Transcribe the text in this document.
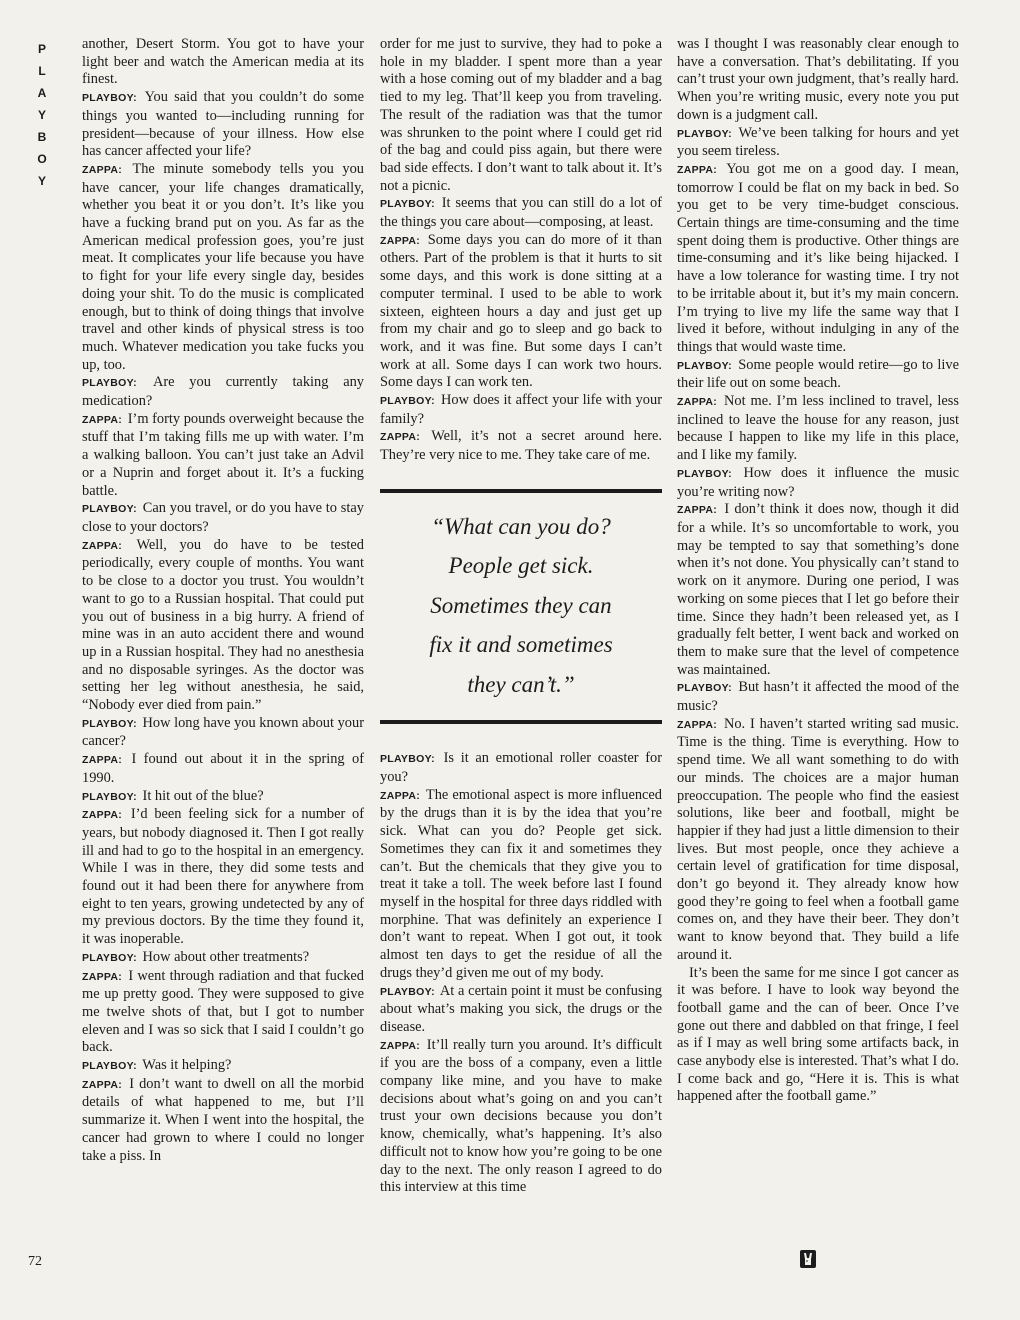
P
L
A
Y
B
O
Y
72

another, Desert Storm. You got to have your light beer and watch the American media at its finest.

PLAYBOY: You said that you couldn’t do some things you wanted to—including running for president—because of your illness. How else has cancer affected your life?

ZAPPA: The minute somebody tells you you have cancer, your life changes dramatically, whether you beat it or you don’t. It’s like you have a fucking brand put on you. As far as the American medical profession goes, you’re just meat. It complicates your life because you have to fight for your life every single day, besides doing your shit. To do the music is complicated enough, but to think of doing things that involve travel and other kinds of physical stress is too much. Whatever medication you take fucks you up, too.

PLAYBOY: Are you currently taking any medication?

ZAPPA: I’m forty pounds overweight because the stuff that I’m taking fills me up with water. I’m a walking balloon. You can’t just take an Advil or a Nuprin and forget about it. It’s a fucking battle.

PLAYBOY: Can you travel, or do you have to stay close to your doctors?

ZAPPA: Well, you do have to be tested periodically, every couple of months. You want to be close to a doctor you trust. You wouldn’t want to go to a Russian hospital. That could put you out of business in a big hurry. A friend of mine was in an auto accident there and wound up in a Russian hospital. They had no anesthesia and no disposable syringes. As the doctor was setting her leg without anesthesia, he said, “Nobody ever died from pain.”

PLAYBOY: How long have you known about your cancer?

ZAPPA: I found out about it in the spring of 1990.

PLAYBOY: It hit out of the blue?

ZAPPA: I’d been feeling sick for a number of years, but nobody diagnosed it. Then I got really ill and had to go to the hospital in an emergency. While I was in there, they did some tests and found out it had been there for anywhere from eight to ten years, growing undetected by any of my previous doctors. By the time they found it, it was inoperable.

PLAYBOY: How about other treatments?

ZAPPA: I went through radiation and that fucked me up pretty good. They were supposed to give me twelve shots of that, but I got to number eleven and I was so sick that I said I couldn’t go back.

PLAYBOY: Was it helping?

ZAPPA: I don’t want to dwell on all the morbid details of what happened to me, but I’ll summarize it. When I went into the hospital, the cancer had grown to where I could no longer take a piss. In

order for me just to survive, they had to poke a hole in my bladder. I spent more than a year with a hose coming out of my bladder and a bag tied to my leg. That’ll keep you from traveling. The result of the radiation was that the tumor was shrunken to the point where I could get rid of the bag and could piss again, but there were bad side effects. I don’t want to talk about it. It’s not a picnic.

PLAYBOY: It seems that you can still do a lot of the things you care about—composing, at least.

ZAPPA: Some days you can do more of it than others. Part of the problem is that it hurts to sit some days, and this work is done sitting at a computer terminal. I used to be able to work sixteen, eighteen hours a day and just get up from my chair and go to sleep and go back to work, and it was fine. But some days I can’t work at all. Some days I can work two hours. Some days I can work ten.

PLAYBOY: How does it affect your life with your family?

ZAPPA: Well, it’s not a secret around here. They’re very nice to me. They take care of me.

“What can you do?
People get sick.
Sometimes they can
fix it and sometimes
they can’t.”

PLAYBOY: Is it an emotional roller coaster for you?

ZAPPA: The emotional aspect is more influenced by the drugs than it is by the idea that you’re sick. What can you do? People get sick. Sometimes they can fix it and sometimes they can’t. But the chemicals that they give you to treat it take a toll. The week before last I found myself in the hospital for three days riddled with morphine. That was definitely an experience I don’t want to repeat. When I got out, it took almost ten days to get the residue of all the drugs they’d given me out of my body.

PLAYBOY: At a certain point it must be confusing about what’s making you sick, the drugs or the disease.

ZAPPA: It’ll really turn you around. It’s difficult if you are the boss of a company, even a little company like mine, and you have to make decisions about what’s going on and you can’t trust your own decisions because you don’t know, chemically, what’s happening. It’s also difficult not to know how you’re going to be one day to the next. The only reason I agreed to do this interview at this time

was I thought I was reasonably clear enough to have a conversation. That’s debilitating. If you can’t trust your own judgment, that’s really hard. When you’re writing music, every note you put down is a judgment call.

PLAYBOY: We’ve been talking for hours and yet you seem tireless.

ZAPPA: You got me on a good day. I mean, tomorrow I could be flat on my back in bed. So you get to be very time-budget conscious. Certain things are time-consuming and the time spent doing them is productive. Other things are time-consuming and it’s like being hijacked. I have a low tolerance for wasting time. I try not to be irritable about it, but it’s my main concern. I’m trying to live my life the same way that I lived it before, without indulging in any of the things that would waste time.

PLAYBOY: Some people would retire—go to live their life out on some beach.

ZAPPA: Not me. I’m less inclined to travel, less inclined to leave the house for any reason, just because I happen to like my life in this place, and I like my family.

PLAYBOY: How does it influence the music you’re writing now?

ZAPPA: I don’t think it does now, though it did for a while. It’s so uncomfortable to work, you may be tempted to say that something’s done when it’s not done. You physically can’t stand to work on it anymore. During one period, I was working on some pieces that I let go before their time. Since they hadn’t been released yet, as I gradually felt better, I went back and worked on them to make sure that the level of competence was maintained.

PLAYBOY: But hasn’t it affected the mood of the music?

ZAPPA: No. I haven’t started writing sad music. Time is the thing. Time is everything. How to spend time. We all want something to do with our minds. The choices are a major human preoccupation. The people who find the easiest solutions, like beer and football, might be happier if they had just a little dimension to their lives. But most people, once they achieve a certain level of gratification for time disposal, don’t go beyond it. They already know how good they’re going to feel when a football game comes on, and they have their beer. They don’t want to know beyond that. They build a life around it.

It’s been the same for me since I got cancer as it was before. I have to look way beyond the football game and the can of beer. Once I’ve gone out there and dabbled on that fringe, I feel as if I may as well bring some artifacts back, in case anybody else is interested. That’s what I do. I come back and go, “Here it is. This is what happened after the football game.”
